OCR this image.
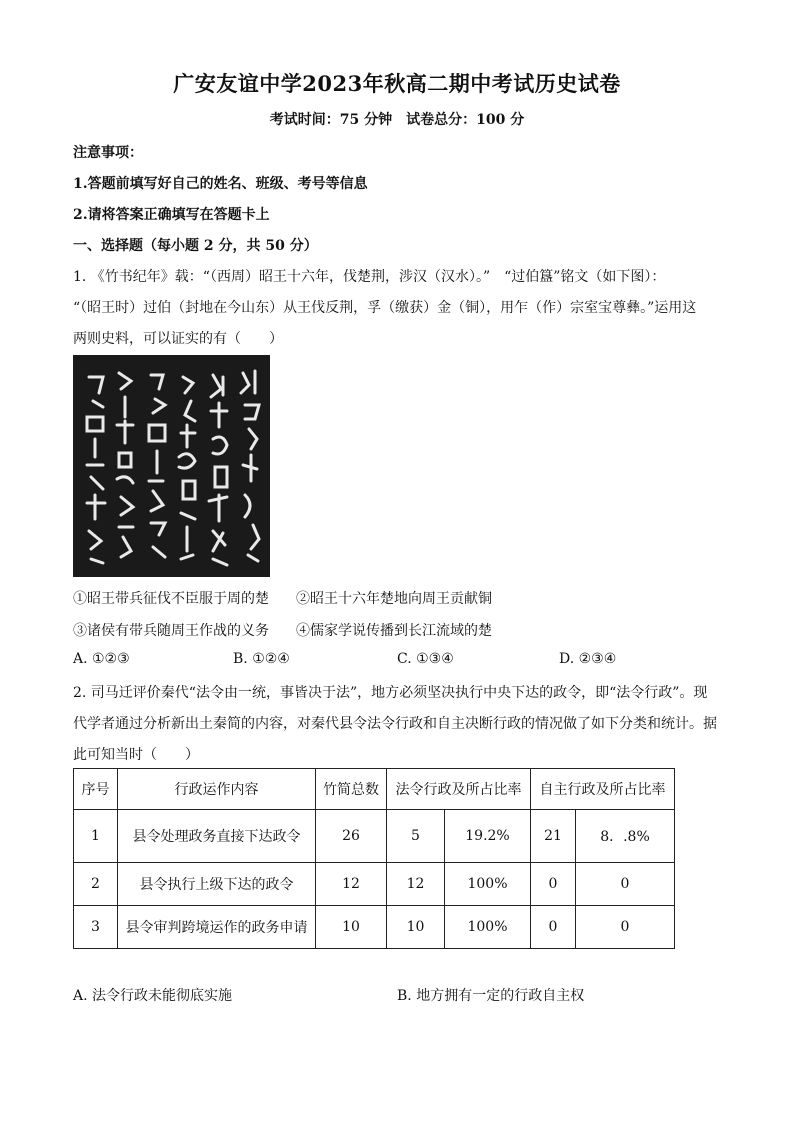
广安友谊中学2023年秋高二期中考试历史试卷
考试时间：75 分钟　试卷总分：100 分
注意事项：
1.答题前填写好自己的姓名、班级、考号等信息
2.请将答案正确填写在答题卡上
一、选择题（每小题 2 分，共 50 分）
1. 《竹书纪年》载：“（西周）昭王十六年，伐楚荆，涉汉（汉水）。”　“过伯簋”铭文（如下图）：
“（昭王时）过伯（封地在今山东）从王伐反荆，孚（缴获）金（铜），用乍（作）宗室宝尊彝。”运用这
两则史料，可以证实的有（　　）
①昭王带兵征伐不臣服于周的楚 ②昭王十六年楚地向周王贡献铜
③诸侯有带兵随周王作战的义务 ④儒家学说传播到长江流域的楚
A. ①②③	B. ①②④	C. ①③④	D. ②③④
2. 司马迁评价秦代“法令由一统，事皆决于法”，地方必须坚决执行中央下达的政令，即“法令行政”。现
代学者通过分析新出土秦简的内容，对秦代县令法令行政和自主决断行政的情况做了如下分类和统计。据
此可知当时（　　）
序号	行政运作内容	竹简总数	法令行政及所占比率		自主行政及所占比率	
1	县令处理政务直接下达政令	26	5	19.2%	21	8．.8%
2	县令执行上级下达的政令	12	12	100%	0	0
3	县令审判跨境运作的政务申请	10	10	100%	0	0
A. 法令行政未能彻底实施	B. 地方拥有一定的行政自主权
